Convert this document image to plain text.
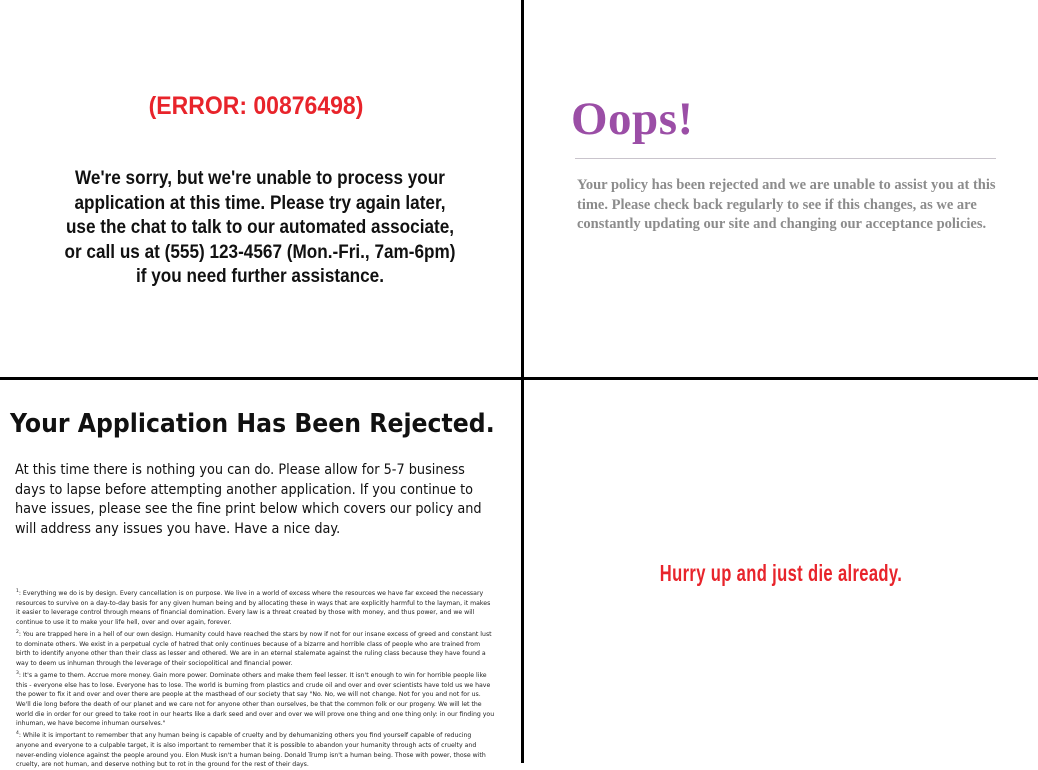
(ERROR: 00876498)
We're sorry, but we're unable to process your application at this time. Please try again later, use the chat to talk to our automated associate, or call us at (555) 123-4567 (Mon.-Fri., 7am-6pm) if you need further assistance.
Oops!
Your policy has been rejected and we are unable to assist you at this time. Please check back regularly to see if this changes, as we are constantly updating our site and changing our acceptance policies.
Your Application Has Been Rejected.
At this time there is nothing you can do. Please allow for 5-7 business days to lapse before attempting another application. If you continue to have issues, please see the fine print below which covers our policy and will address any issues you have. Have a nice day.

$^1$: Everything we do is by design. Every cancellation is on purpose. We live in a world of excess where the resources we have far exceed the necessary resources to survive on a day-to-day basis for any given human being and by allocating these in ways that are explicitly harmful to the layman, it makes it easier to leverage control through means of financial domination. Every law is a threat created by those with money, and thus power, and we will continue to use it to make your life hell, over and over again, forever.

$^2$: You are trapped here in a hell of our own design. Humanity could have reached the stars by now if not for our insane excess of greed and constant lust to dominate others. We exist in a perpetual cycle of hatred that only continues because of a bizarre and horrible class of people who are trained from birth to identify anyone other than their class as lesser and othered. We are in an eternal stalemate against the ruling class because they have found a way to deem us inhuman through the leverage of their sociopolitical and financial power.

$^3$: It's a game to them. Accrue more money. Gain more power. Dominate others and make them feel lesser. It isn't enough to win for horrible people like this - everyone else has to lose. Everyone has to lose. The world is burning from plastics and crude oil and over and over scientists have told us we have the power to fix it and over and over there are people at the masthead of our society that say "No. No, we will not change. Not for you and not for us. We'll die long before the death of our planet and we care not for anyone other than ourselves, be that the common folk or our progeny. We will let the world die in order for our greed to take root in our hearts like a dark seed and over and over we will prove one thing and one thing only: in our finding you inhuman, we have become inhuman ourselves."

$^4$: While it is important to remember that any human being is capable of cruelty and by dehumanizing others you find yourself capable of reducing anyone and everyone to a culpable target, it is also important to remember that it is possible to abandon your humanity through acts of cruelty and never-ending violence against the people around you. Elon Musk isn't a human being. Donald Trump isn't a human being. Those with power, those with cruelty, are not human, and deserve nothing but to rot in the ground for the rest of their days.

Hurry up and just die already.
